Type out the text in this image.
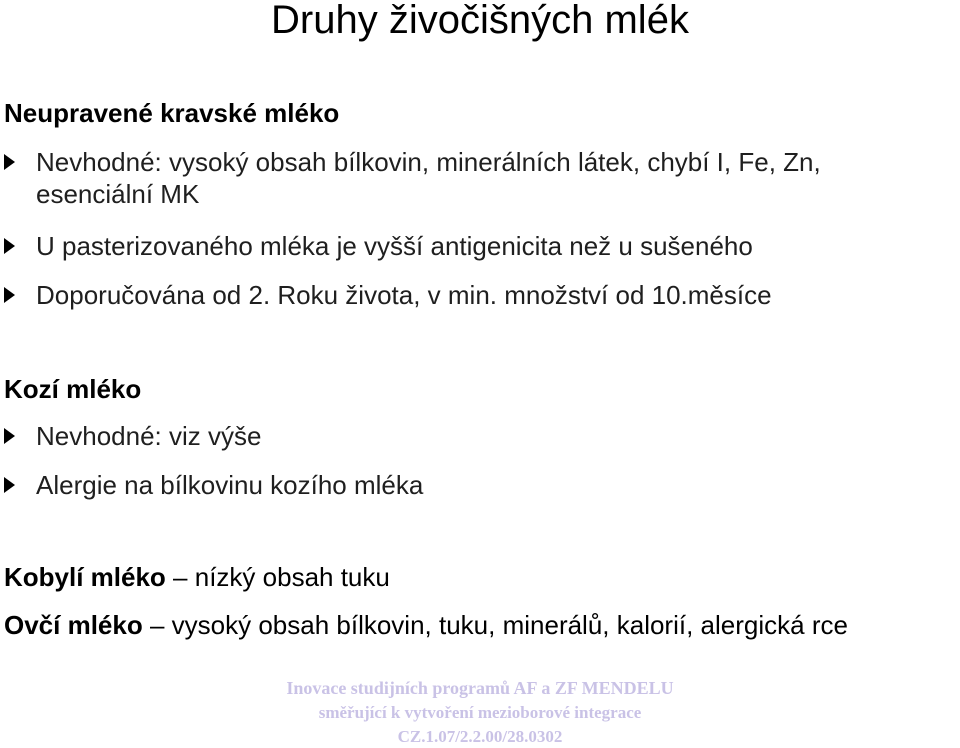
Druhy živočišných mlék
Neupravené kravské mléko
Nevhodné: vysoký obsah bílkovin, minerálních látek, chybí I, Fe, Zn,
esenciální MK
U pasterizovaného mléka je vyšší antigenicita než u sušeného
Doporučována od 2. Roku života, v min. množství od 10.měsíce
Kozí mléko
Nevhodné: viz výše
Alergie na bílkovinu kozího mléka
Kobylí mléko – nízký obsah tuku
Ovčí mléko – vysoký obsah bílkovin, tuku, minerálů, kalorií, alergická rce
Inovace studijních programů AF a ZF MENDELU
směřující k vytvoření mezioborové integrace
CZ.1.07/2.2.00/28.0302
